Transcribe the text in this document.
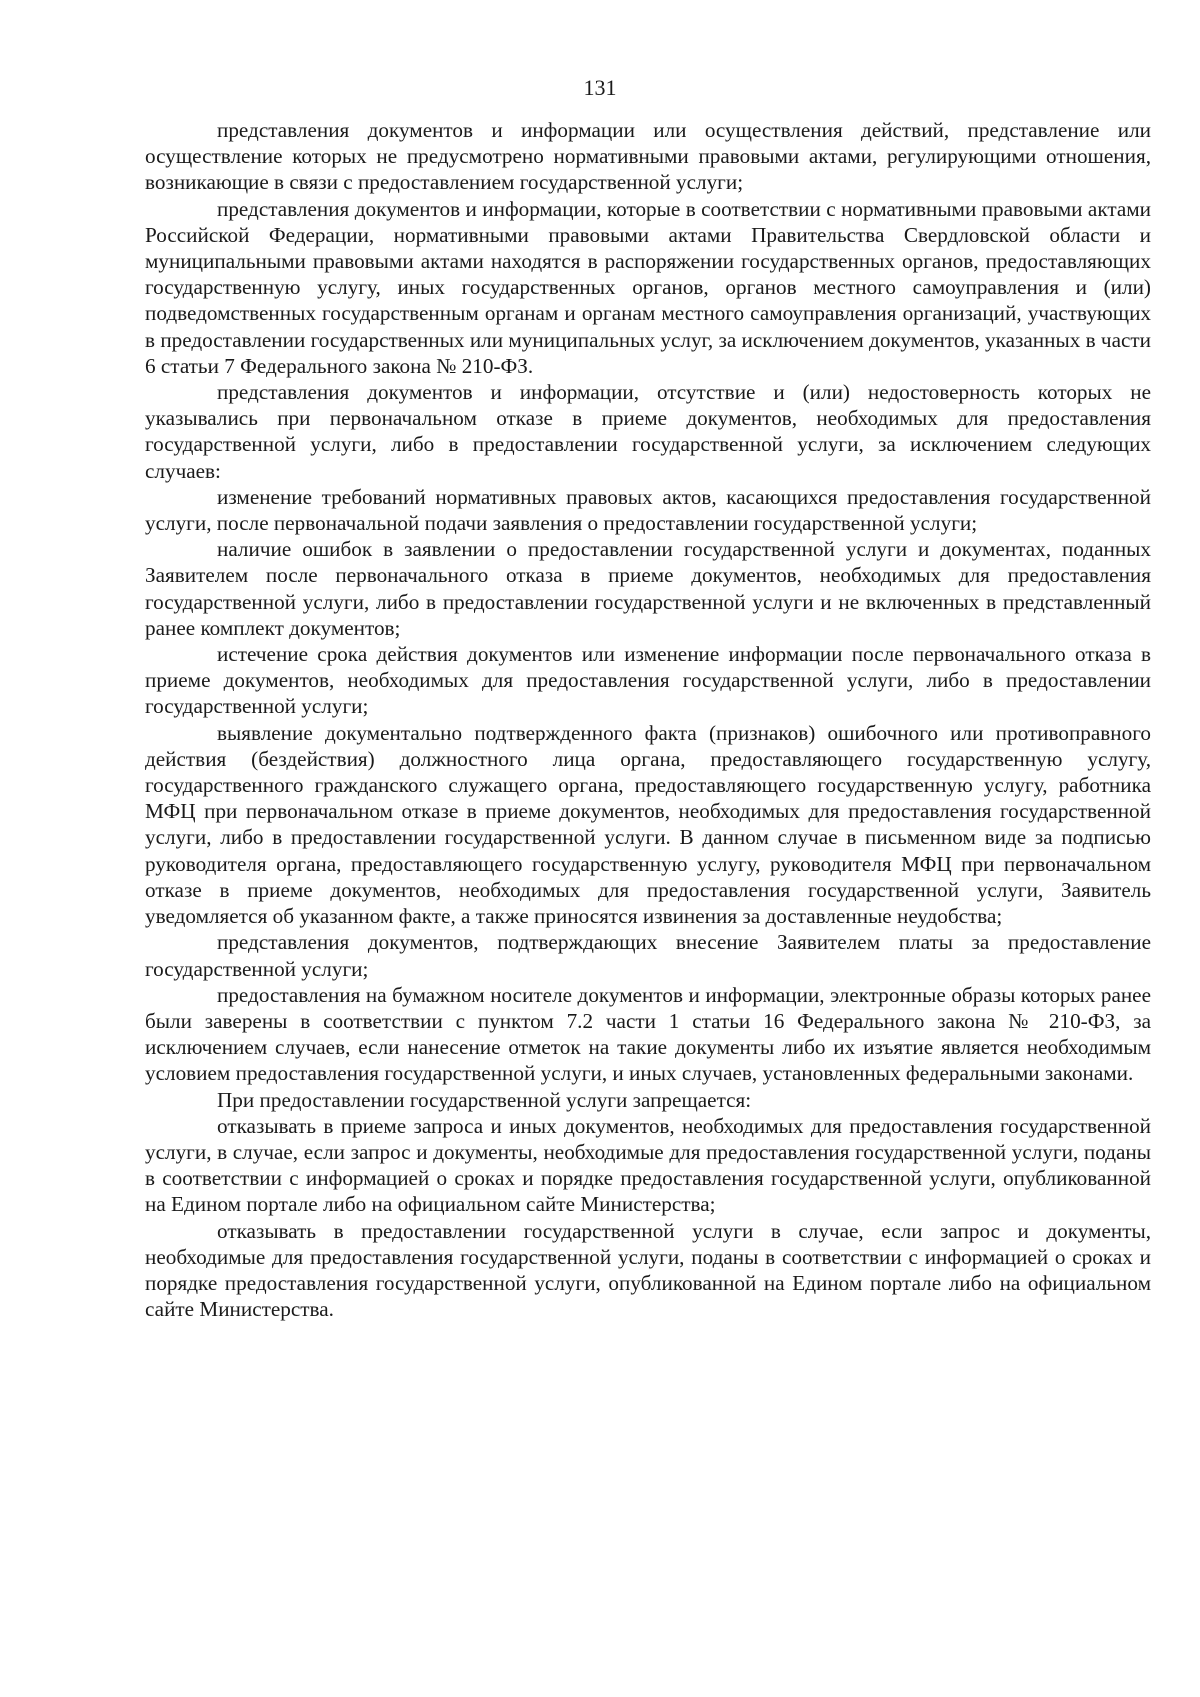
131

представления документов и информации или осуществления действий, представление или осуществление которых не предусмотрено нормативными правовыми актами, регулирующими отношения, возникающие в связи с предоставлением государственной услуги;

представления документов и информации, которые в соответствии с нормативными правовыми актами Российской Федерации, нормативными правовыми актами Правительства Свердловской области и муниципальными правовыми актами находятся в распоряжении государственных органов, предоставляющих государственную услугу, иных государственных органов, органов местного самоуправления и (или) подведомственных государственным органам и органам местного самоуправления организаций, участвующих в предоставлении государственных или муниципальных услуг, за исключением документов, указанных в части 6 статьи 7 Федерального закона № 210-ФЗ.

представления документов и информации, отсутствие и (или) недостоверность которых не указывались при первоначальном отказе в приеме документов, необходимых для предоставления государственной услуги, либо в предоставлении государственной услуги, за исключением следующих случаев:

изменение требований нормативных правовых актов, касающихся предоставления государственной услуги, после первоначальной подачи заявления о предоставлении государственной услуги;

наличие ошибок в заявлении о предоставлении государственной услуги и документах, поданных Заявителем после первоначального отказа в приеме документов, необходимых для предоставления государственной услуги, либо в предоставлении государственной услуги и не включенных в представленный ранее комплект документов;

истечение срока действия документов или изменение информации после первоначального отказа в приеме документов, необходимых для предоставления государственной услуги, либо в предоставлении государственной услуги;

выявление документально подтвержденного факта (признаков) ошибочного или противоправного действия (бездействия) должностного лица органа, предоставляющего государственную услугу, государственного гражданского служащего органа, предоставляющего государственную услугу, работника МФЦ при первоначальном отказе в приеме документов, необходимых для предоставления государственной услуги, либо в предоставлении государственной услуги. В данном случае в письменном виде за подписью руководителя органа, предоставляющего государственную услугу, руководителя МФЦ при первоначальном отказе в приеме документов, необходимых для предоставления государственной услуги, Заявитель уведомляется об указанном факте, а также приносятся извинения за доставленные неудобства;

представления документов, подтверждающих внесение Заявителем платы за предоставление государственной услуги;

предоставления на бумажном носителе документов и информации, электронные образы которых ранее были заверены в соответствии с пунктом 7.2 части 1 статьи 16 Федерального закона № 210-ФЗ, за исключением случаев, если нанесение отметок на такие документы либо их изъятие является необходимым условием предоставления государственной услуги, и иных случаев, установленных федеральными законами.

При предоставлении государственной услуги запрещается:

отказывать в приеме запроса и иных документов, необходимых для предоставления государственной услуги, в случае, если запрос и документы, необходимые для предоставления государственной услуги, поданы в соответствии с информацией о сроках и порядке предоставления государственной услуги, опубликованной на Едином портале либо на официальном сайте Министерства;

отказывать в предоставлении государственной услуги в случае, если запрос и документы, необходимые для предоставления государственной услуги, поданы в соответствии с информацией о сроках и порядке предоставления государственной услуги, опубликованной на Едином портале либо на официальном сайте Министерства.
